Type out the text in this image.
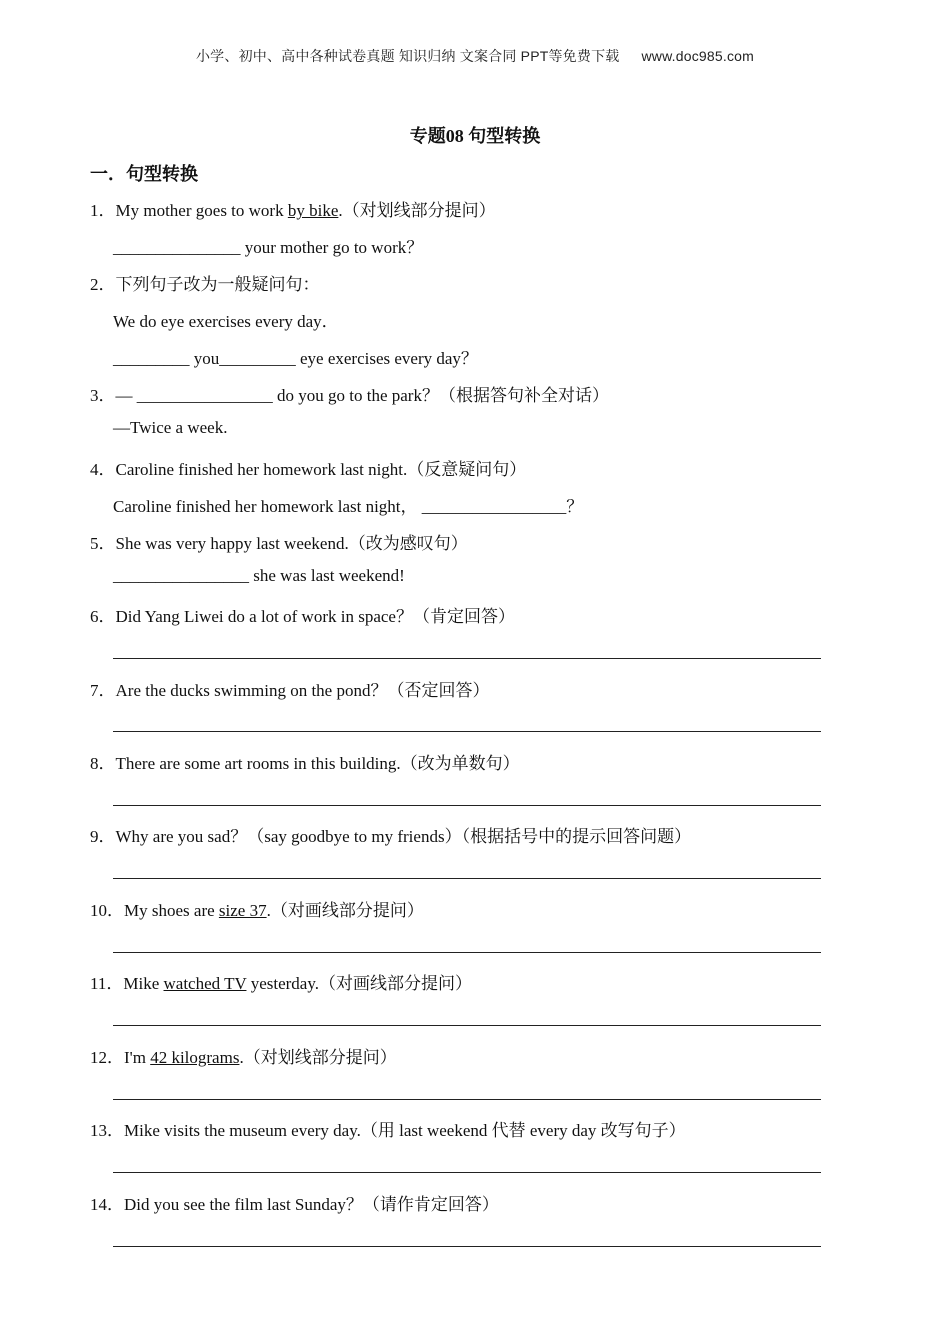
小学、初中、高中各种试卷真题 知识归纳 文案合同 PPT等免费下载 www.doc985.com
专题08 句型转换
一．句型转换
1．My mother goes to work by bike.（对划线部分提问）
_______________ your mother go to work？
2．下列句子改为一般疑问句：
We do eye exercises every day．
_________ you_________ eye exercises every day？
3．— ________________ do you go to the park？（根据答句补全对话）
—Twice a week.
4．Caroline finished her homework last night.（反意疑问句）
Caroline finished her homework last night， _________________？
5．She was very happy last weekend.（改为感叹句）
________________ she was last weekend!
6．Did Yang Liwei do a lot of work in space？（肯定回答）
7．Are the ducks swimming on the pond？（否定回答）
8．There are some art rooms in this building.（改为单数句）
9．Why are you sad？（say goodbye to my friends）（根据括号中的提示回答问题）
10．My shoes are size 37.（对画线部分提问）
11．Mike watched TV yesterday.（对画线部分提问）
12．I'm 42 kilograms.（对划线部分提问）
13．Mike visits the museum every day.（用 last weekend 代替 every day 改写句子）
14．Did you see the film last Sunday？（请作肯定回答）
